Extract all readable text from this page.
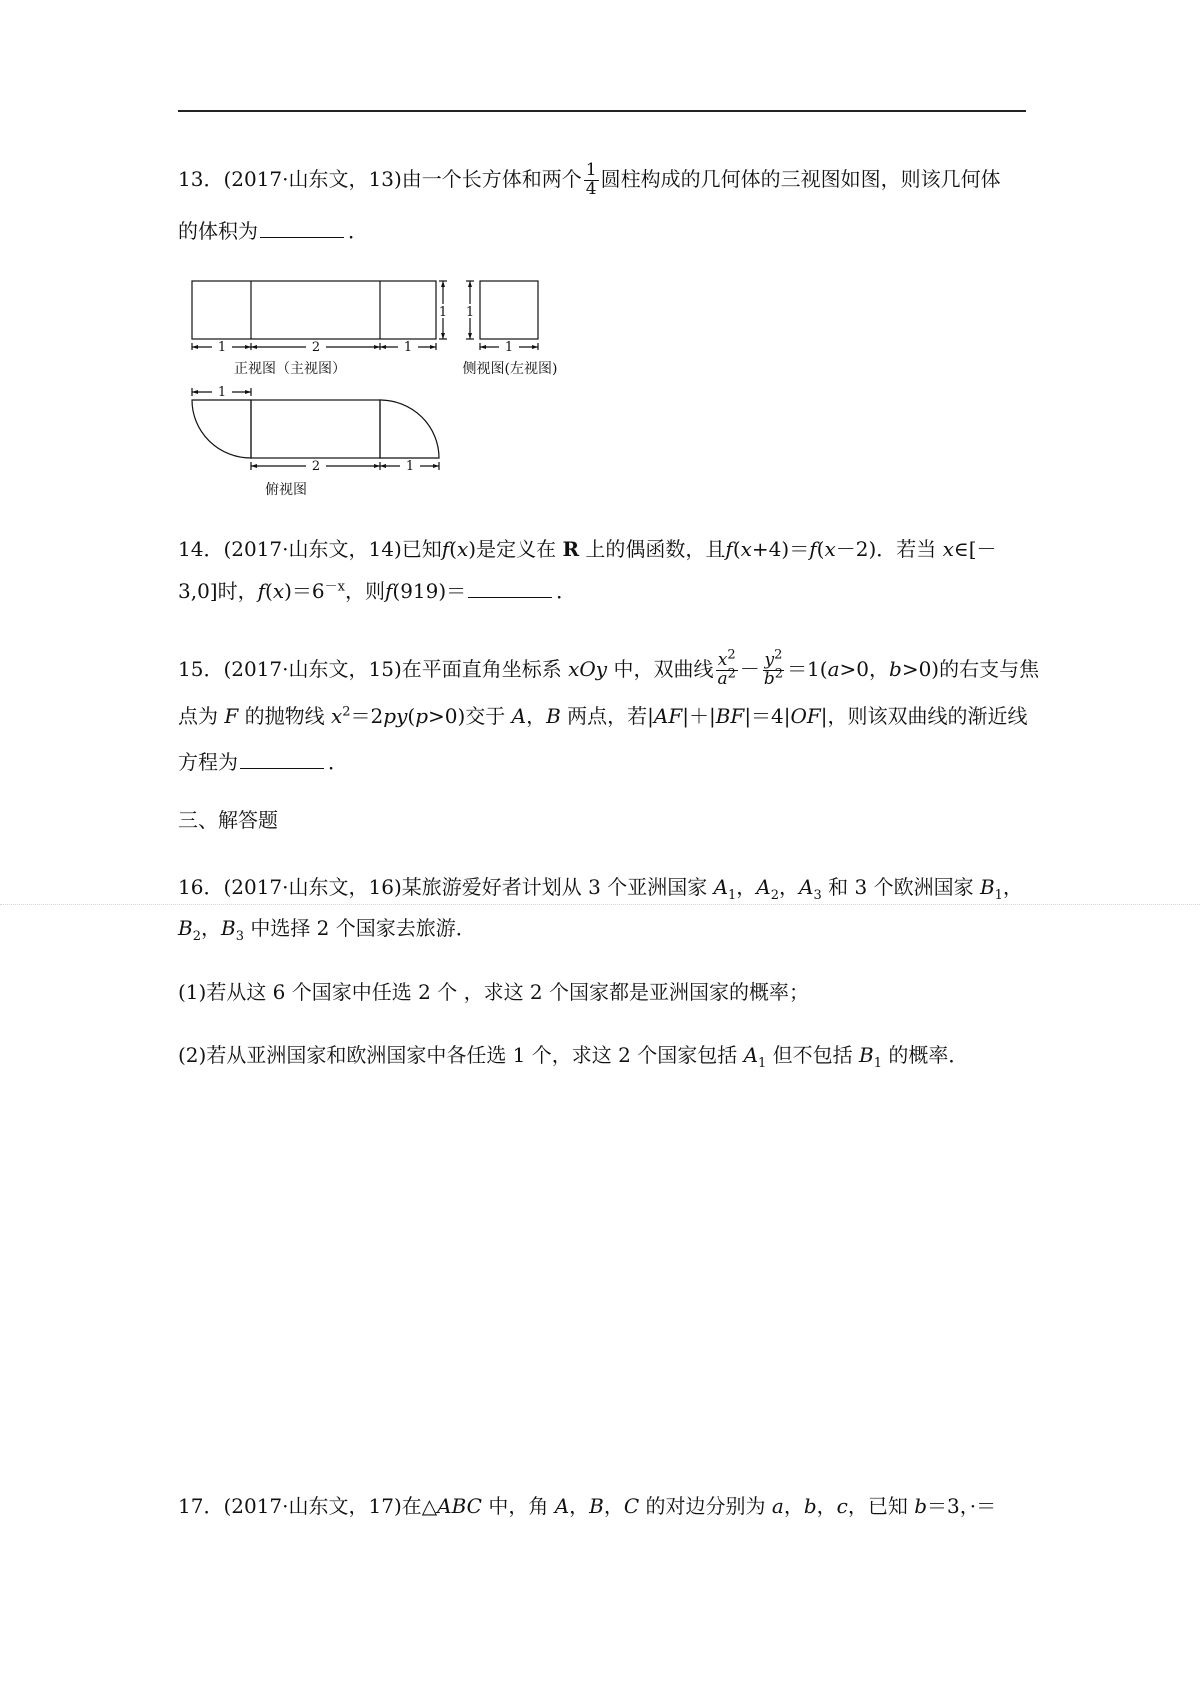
13．(2017·山东文，13)由一个长方体和两个 $\frac{1}{4}$ 圆柱构成的几何体的三视图如图，则该几何体
的体积为	．
1	2	1
1 1
1
1
2	1
正视图（主视图）	侧视图(左视图)
俯视图
14．(2017·山东文，14)已知f(x)是定义在 R 上的偶函数，且f(x+4)＝f(x－2)．若当 x∈[－
3,0]时，$f(x)=6^{-x}$，则f(919)＝	．
15．(2017·山东文，15)在平面直角坐标系 xOy 中，双曲线 $\frac{x^2}{a^2} - \frac{y^2}{b^2} =1(a>0$，b>0)的右支与焦
点为 F 的抛物线 $x^2=2py(p>0)$交于 A，B 两点，若|AF|＋|BF|＝4|OF|，则该双曲线的渐近线
方程为	．
三、解答题
16．(2017·山东文，16)某旅游爱好者计划从 3 个亚洲国家 $A_1$，$A_2$，$A_3$ 和 3 个欧洲国家 $B_1$，
$B_2$，$B_3$ 中选择 2 个国家去旅游．
(1)若从这 6 个国家中任选 2 个 ，求这 2 个国家都是亚洲国家的概率；
(2)若从亚洲国家和欧洲国家中各任选 1 个，求这 2 个国家包括 $A_1$ 但不包括 $B_1$ 的概率．
17．(2017·山东文，17)在△ABC 中，角 A，B，C 的对边分别为 a，b，c，已知 b＝3，·＝
